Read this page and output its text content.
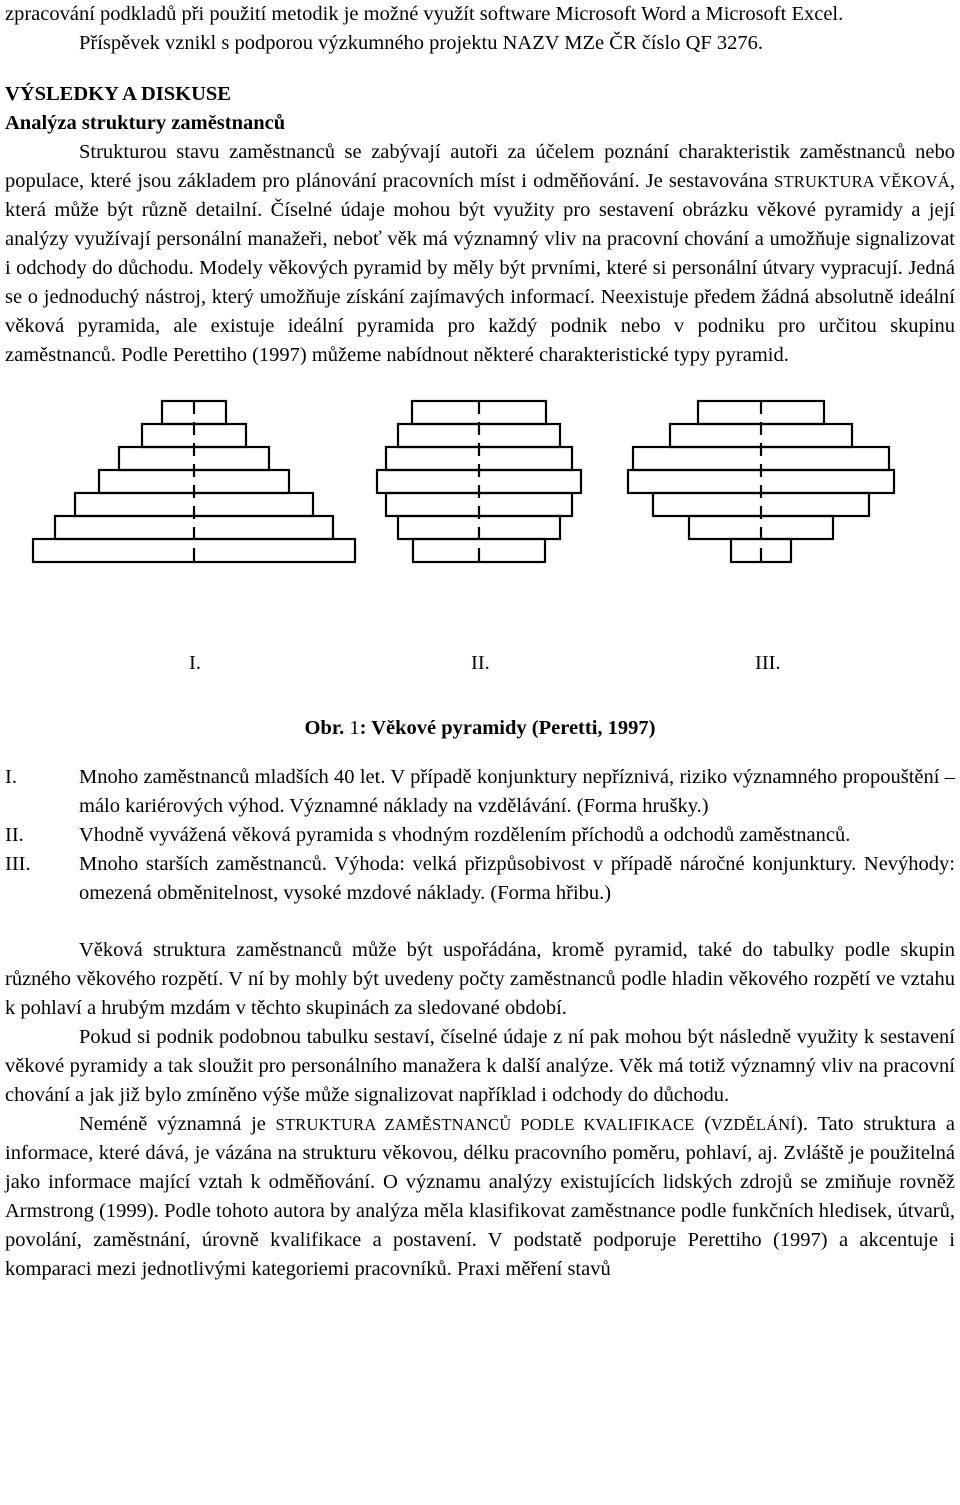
zpracování podkladů při použití metodik je možné využít software Microsoft Word a Microsoft Excel.

Příspěvek vznikl s podporou výzkumného projektu NAZV MZe ČR číslo QF 3276.

VÝSLEDKY A DISKUSE
Analýza struktury zaměstnanců

Strukturou stavu zaměstnanců se zabývají autoři za účelem poznání charakteristik zaměstnanců nebo populace, které jsou základem pro plánování pracovních míst i odměňování. Je sestavována STRUKTURA VĚKOVÁ, která může být různě detailní. Číselné údaje mohou být využity pro sestavení obrázku věkové pyramidy a její analýzy využívají personální manažeři, neboť věk má významný vliv na pracovní chování a umožňuje signalizovat i odchody do důchodu. Modely věkových pyramid by měly být prvními, které si personální útvary vypracují. Jedná se o jednoduchý nástroj, který umožňuje získání zajímavých informací. Neexistuje předem žádná absolutně ideální věková pyramida, ale existuje ideální pyramida pro každý podnik nebo v podniku pro určitou skupinu zaměstnanců. Podle Perettiho (1997) můžeme nabídnout některé charakteristické typy pyramid.

I.	II.	III.

Obr. 1: Věkové pyramidy (Peretti, 1997)

I.	Mnoho zaměstnanců mladších 40 let. V případě konjunktury nepříznivá, riziko významného propouštění – málo kariérových výhod. Významné náklady na vzdělávání. (Forma hrušky.)
II.	Vhodně vyvážená věková pyramida s vhodným rozdělením příchodů a odchodů zaměstnanců.
III. Mnoho starších zaměstnanců. Výhoda: velká přizpůsobivost v případě náročné konjunktury. Nevýhody: omezená obměnitelnost, vysoké mzdové náklady. (Forma hřibu.)

Věková struktura zaměstnanců může být uspořádána, kromě pyramid, také do tabulky podle skupin různého věkového rozpětí. V ní by mohly být uvedeny počty zaměstnanců podle hladin věkového rozpětí ve vztahu k pohlaví a hrubým mzdám v těchto skupinách za sledované období.

Pokud si podnik podobnou tabulku sestaví, číselné údaje z ní pak mohou být následně využity k sestavení věkové pyramidy a tak sloužit pro personálního manažera k další analýze. Věk má totiž významný vliv na pracovní chování a jak již bylo zmíněno výše může signalizovat například i odchody do důchodu.

Neméně významná je STRUKTURA ZAMĚSTNANCŮ PODLE KVALIFIKACE (VZDĚLÁNÍ). Tato struktura a informace, které dává, je vázána na strukturu věkovou, délku pracovního poměru, pohlaví, aj. Zvláště je použitelná jako informace mající vztah k odměňování. O významu analýzy existujících lidských zdrojů se zmiňuje rovněž Armstrong (1999). Podle tohoto autora by analýza měla klasifikovat zaměstnance podle funkčních hledisek, útvarů, povolání, zaměstnání, úrovně kvalifikace a postavení. V podstatě podporuje Perettiho (1997) a akcentuje i komparaci mezi jednotlivými kategoriemi pracovníků. Praxi měření stavů
